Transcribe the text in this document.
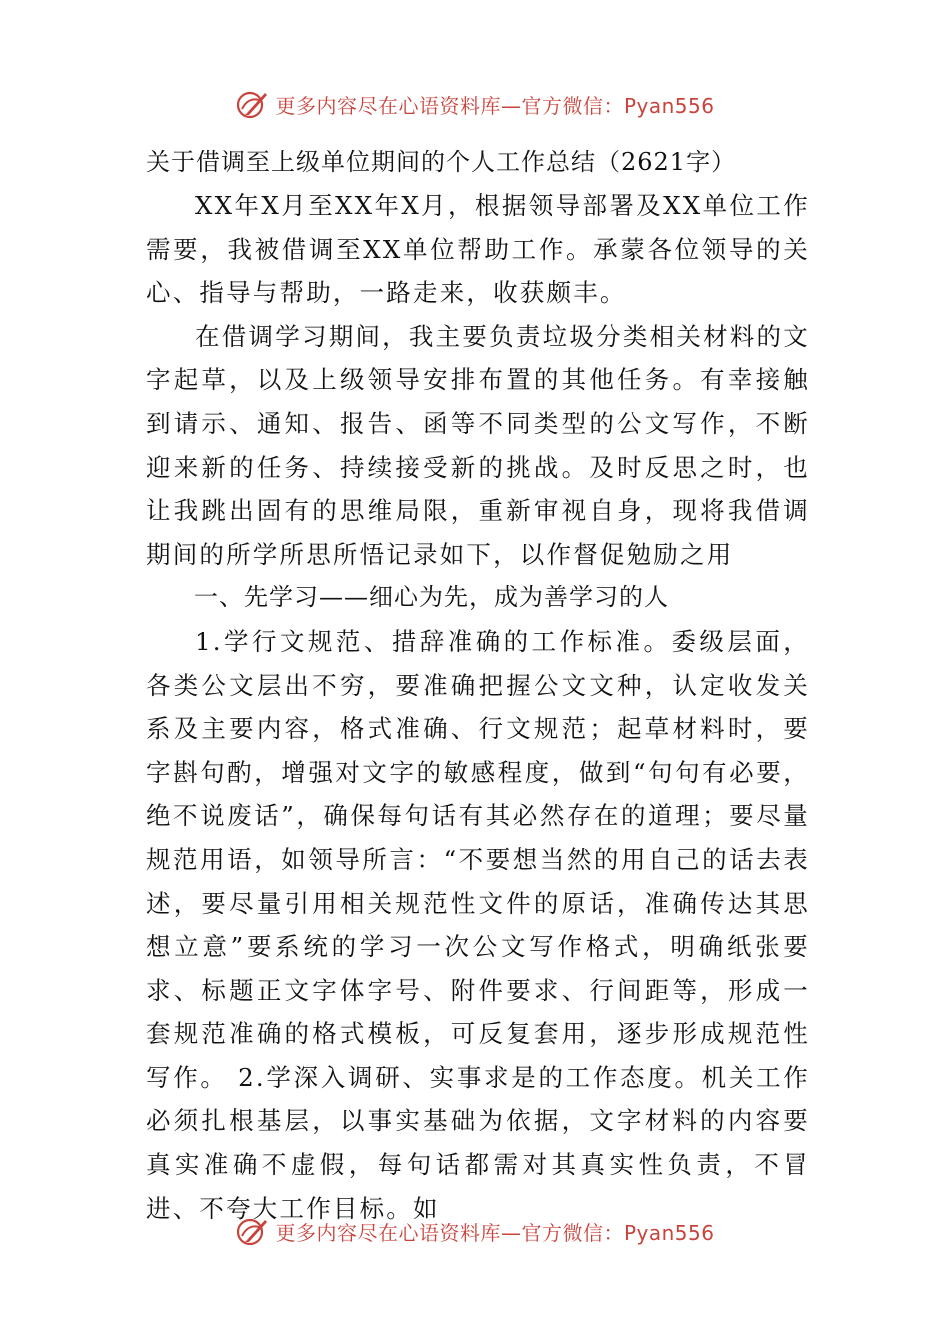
更多内容尽在心语资料库—官方微信：Pyan556
关于借调至上级单位期间的个人工作总结（2621字）

XX年X月至XX年X月，根据领导部署及XX单位工作需要，我被借调至XX单位帮助工作。承蒙各位领导的关心、指导与帮助，一路走来，收获颇丰。

在借调学习期间，我主要负责垃圾分类相关材料的文字起草，以及上级领导安排布置的其他任务。有幸接触到请示、通知、报告、函等不同类型的公文写作，不断迎来新的任务、持续接受新的挑战。及时反思之时，也让我跳出固有的思维局限，重新审视自身，现将我借调期间的所学所思所悟记录如下，以作督促勉励之用

一、先学习——细心为先，成为善学习的人

1.学行文规范、措辞准确的工作标准。委级层面，各类公文层出不穷，要准确把握公文文种，认定收发关系及主要内容，格式准确、行文规范；起草材料时，要字斟句酌，增强对文字的敏感程度，做到“句句有必要，绝不说废话”，确保每句话有其必然存在的道理；要尽量规范用语，如领导所言：“不要想当然的用自己的话去表述，要尽量引用相关规范性文件的原话，准确传达其思想立意”要系统的学习一次公文写作格式，明确纸张要求、标题正文字体字号、附件要求、行间距等，形成一套规范准确的格式模板，可反复套用，逐步形成规范性写作。 2.学深入调研、实事求是的工作态度。机关工作必须扎根基层，以事实基础为依据，文字材料的内容要真实准确不虚假，每句话都需对其真实性负责，不冒进、不夸大工作目标。如

更多内容尽在心语资料库—官方微信：Pyan556
